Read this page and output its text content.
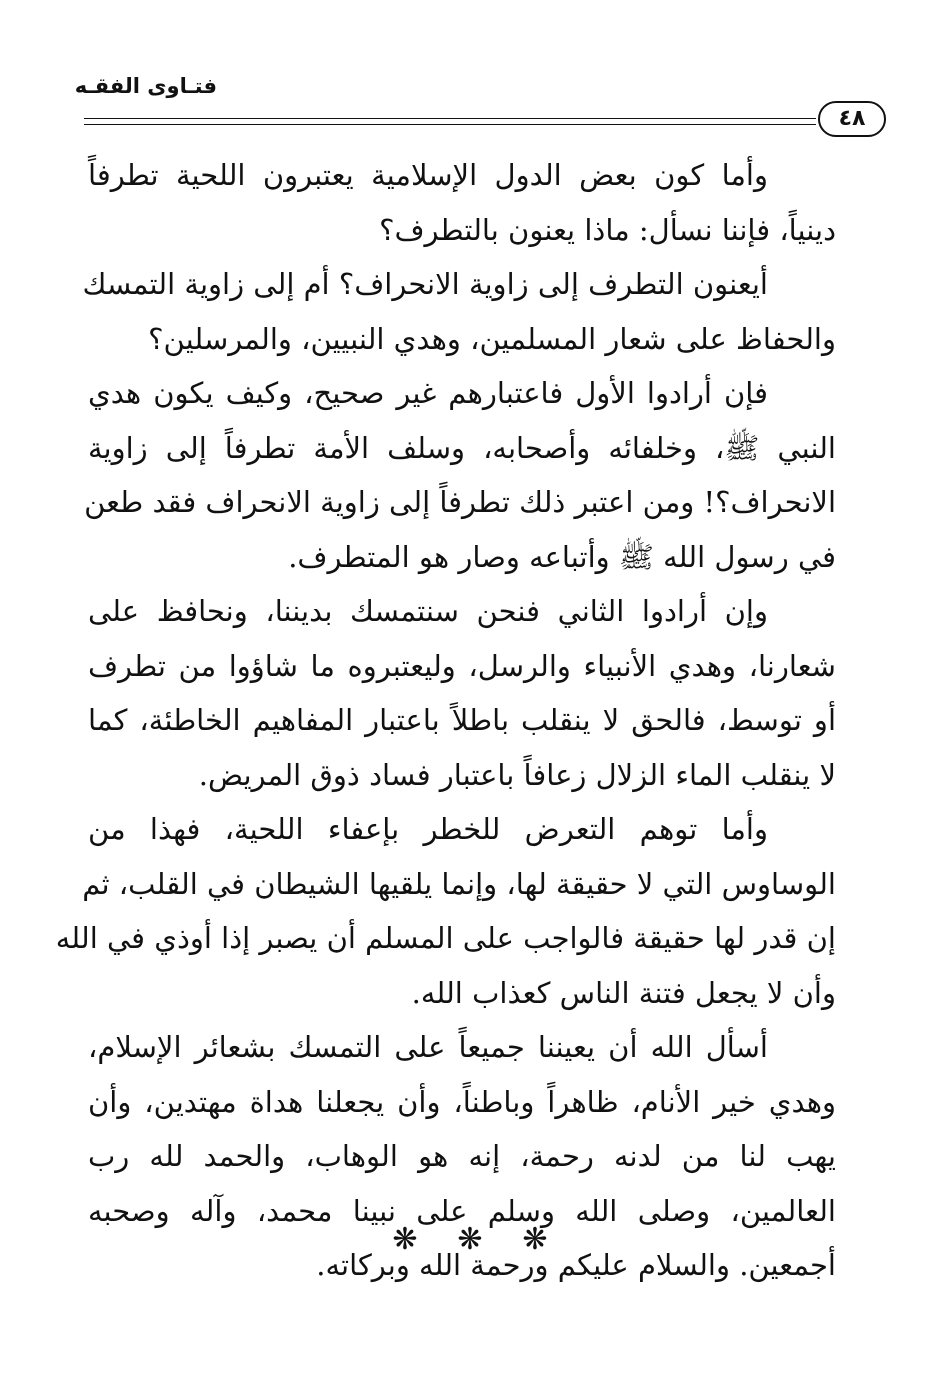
فتـاوى الفقـه
٤٨
وأما كون بعض الدول الإسلامية يعتبرون اللحية تطرفاً
دينياً، فإننا نسأل: ماذا يعنون بالتطرف؟
أيعنون التطرف إلى زاوية الانحراف؟ أم إلى زاوية التمسك
والحفاظ على شعار المسلمين، وهدي النبيين، والمرسلين؟
فإن أرادوا الأول فاعتبارهم غير صحيح، وكيف يكون هدي
النبي ﷺ، وخلفائه وأصحابه، وسلف الأمة تطرفاً إلى زاوية
الانحراف؟! ومن اعتبر ذلك تطرفاً إلى زاوية الانحراف فقد طعن
في رسول الله ﷺ وأتباعه وصار هو المتطرف.
وإن أرادوا الثاني فنحن سنتمسك بديننا، ونحافظ على
شعارنا، وهدي الأنبياء والرسل، وليعتبروه ما شاؤوا من تطرف
أو توسط، فالحق لا ينقلب باطلاً باعتبار المفاهيم الخاطئة، كما
لا ينقلب الماء الزلال زعافاً باعتبار فساد ذوق المريض.
وأما توهم التعرض للخطر بإعفاء اللحية، فهذا من
الوساوس التي لا حقيقة لها، وإنما يلقيها الشيطان في القلب، ثم
إن قدر لها حقيقة فالواجب على المسلم أن يصبر إذا أوذي في الله
وأن لا يجعل فتنة الناس كعذاب الله.
أسأل الله أن يعيننا جميعاً على التمسك بشعائر الإسلام،
وهدي خير الأنام، ظاهراً وباطناً، وأن يجعلنا هداة مهتدين، وأن
يهب لنا من لدنه رحمة، إنه هو الوهاب، والحمد لله رب
العالمين، وصلى الله وسلم على نبينا محمد، وآله وصحبه
أجمعين. والسلام عليكم ورحمة الله وبركاته.
❋ ❋ ❋
